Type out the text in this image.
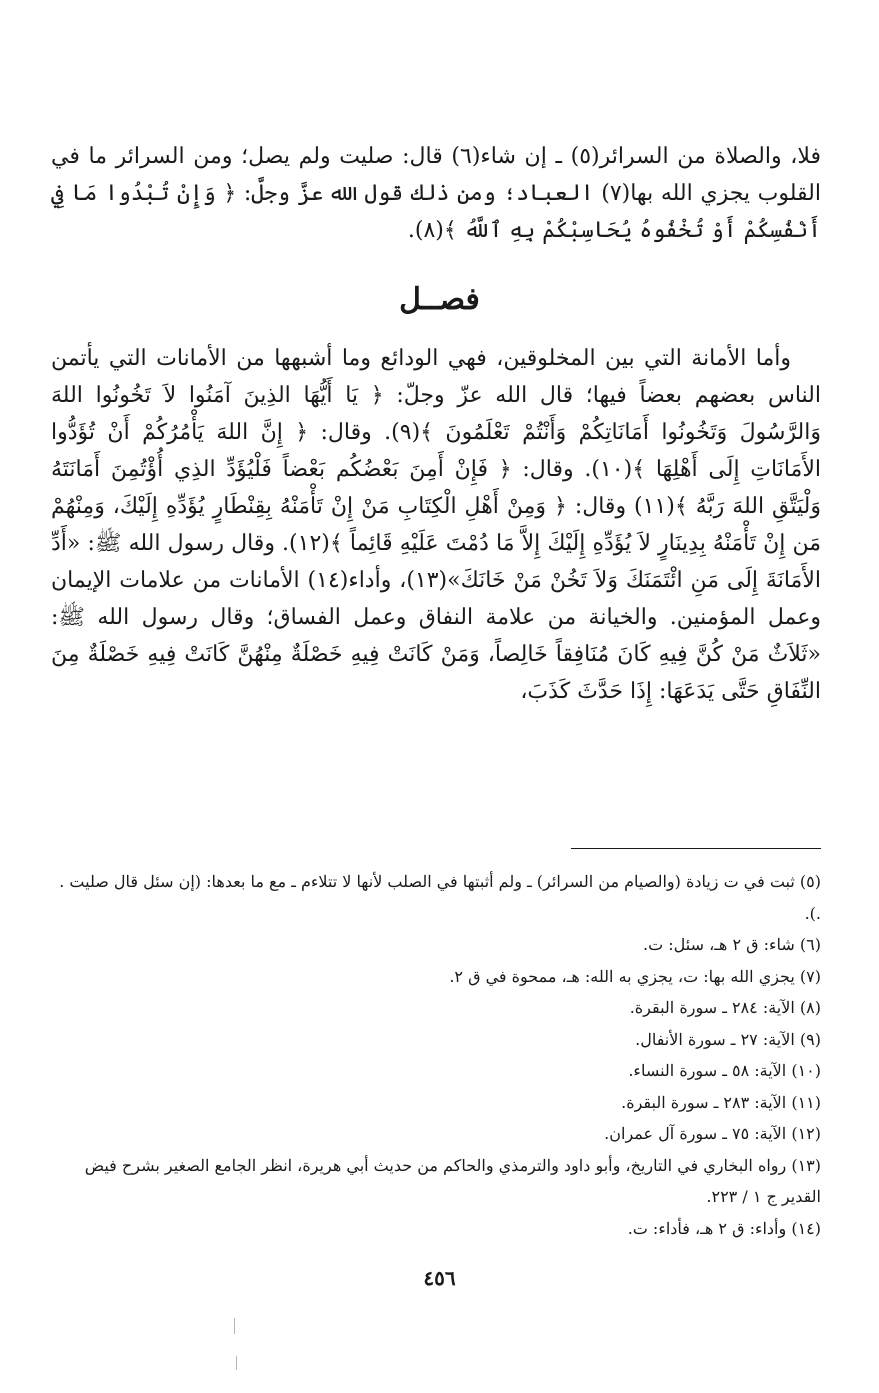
فلا، والصلاة من السرائر(٥) ـ إن شاء(٦) قال: صليت ولم يصل؛ ومن السرائر ما في القلوب يجزي الله بها(٧) العباد؛ ومن ذلك قول الله عزَّ وجلَّ: ﴿ وَإِنْ تُبْدُوا مَا فِي أَنْفُسِكُمْ أَوْ تُخْفُوهُ يُحَاسِبْكُمْ بِهِ ٱللَّهُ ﴾(٨).

فصــل

وأما الأمانة التي بين المخلوقين، فهي الودائع وما أشبهها من الأمانات التي يأتمن الناس بعضهم بعضاً فيها؛ قال الله عزّ وجلّ: ﴿ يَا أَيُّهَا الذِينَ آمَنُوا لاَ تَخُونُوا اللهَ وَالرَّسُولَ وَتَخُونُوا أَمَانَاتِكُمْ وَأَنْتُمْ تَعْلَمُونَ ﴾(٩). وقال: ﴿ إِنَّ اللهَ يَأْمُرُكُمْ أَنْ تُؤَدُّوا الأَمَانَاتِ إِلَى أَهْلِهَا ﴾(١٠). وقال: ﴿ فَإِنْ أَمِنَ بَعْضُكُم بَعْضاً فَلْيُؤَدِّ الذِي أُؤْتُمِنَ أَمَانَتَهُ وَلْيَتَّقِ اللهَ رَبَّهُ ﴾(١١) وقال: ﴿ وَمِنْ أَهْلِ الْكِتَابِ مَنْ إِنْ تَأْمَنْهُ بِقِنْطَارٍ يُؤَدِّهِ إِلَيْكَ، وَمِنْهُمْ مَن إِنْ تَأْمَنْهُ بِدِينَارٍ لاَ يُؤَدِّهِ إِلَيْكَ إِلاَّ مَا دُمْتَ عَلَيْهِ قَائِماً ﴾(١٢). وقال رسول الله ﷺ: «أَدِّ الأَمَانَةَ إِلَى مَنِ ائْتَمَنَكَ وَلاَ تَخُنْ مَنْ خَانَكَ»(١٣)، وأداء(١٤) الأمانات من علامات الإيمان وعمل المؤمنين. والخيانة من علامة النفاق وعمل الفساق؛ وقال رسول الله ﷺ: «ثَلاَثٌ مَنْ كُنَّ فِيهِ كَانَ مُنَافِقاً خَالِصاً، وَمَنْ كَانَتْ فِيهِ خَصْلَةٌ مِنْهُنَّ كَانَتْ فِيهِ خَصْلَةٌ مِنَ النِّفَاقِ حَتَّى يَدَعَهَا: إِذَا حَدَّثَ كَذَبَ،

(٥) ثبت في ت زيادة (والصيام من السرائر) ـ ولم أثبتها في الصلب لأنها لا تتلاءم ـ مع ما بعدها: (إن سئل قال صليت . .).
(٦) شاء: ق ٢ هـ، سئل: ت.
(٧) يجزي الله بها: ت، يجزي به الله: هـ، ممحوة في ق ٢.
(٨) الآية: ٢٨٤ ـ سورة البقرة.
(٩) الآية: ٢٧ ـ سورة الأنفال.
(١٠) الآية: ٥٨ ـ سورة النساء.
(١١) الآية: ٢٨٣ ـ سورة البقرة.
(١٢) الآية: ٧٥ ـ سورة آل عمران.
(١٣) رواه البخاري في التاريخ، وأبو داود والترمذي والحاكم من حديث أبي هريرة، انظر الجامع الصغير بشرح فيض القدير ج ١ / ٢٢٣.
(١٤) وأداء: ق ٢ هـ، فأداء: ت.
٤٥٦
